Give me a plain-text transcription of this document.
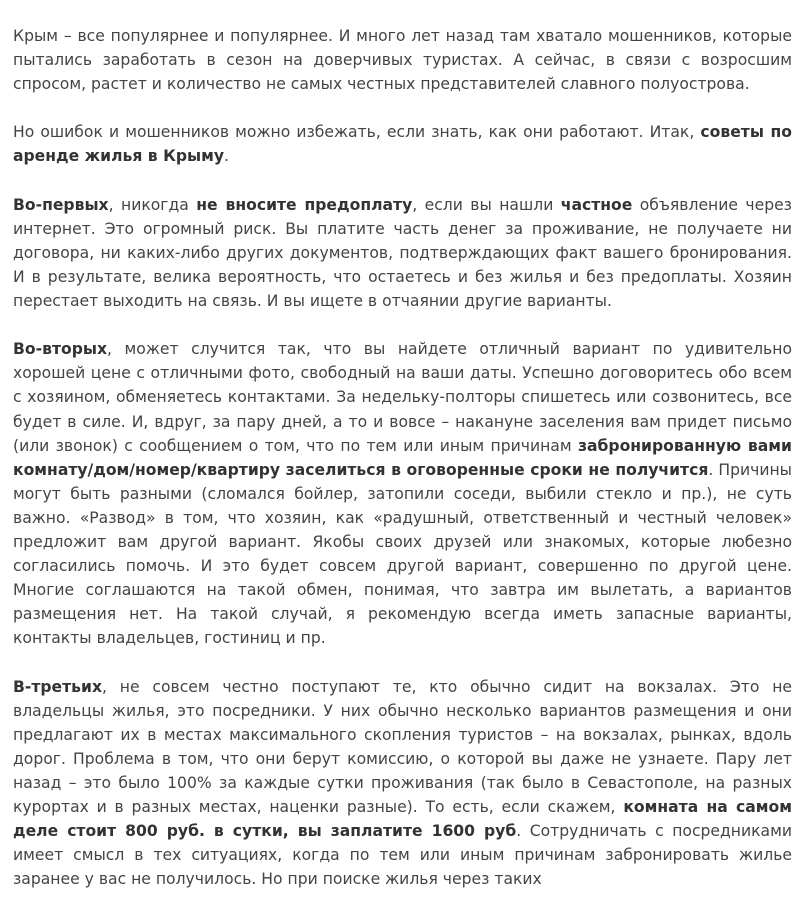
Крым – все популярнее и популярнее. И много лет назад там хватало мошенников, которые пытались заработать в сезон на доверчивых туристах. А сейчас, в связи с возросшим спросом, растет и количество не самых честных представителей славного полуострова.

Но ошибок и мошенников можно избежать, если знать, как они работают. Итак, советы по аренде жилья в Крыму.

Во-первых, никогда не вносите предоплату, если вы нашли частное объявление через интернет. Это огромный риск. Вы платите часть денег за проживание, не получаете ни договора, ни каких-либо других документов, подтверждающих факт вашего бронирования. И в результате, велика вероятность, что остаетесь и без жилья и без предоплаты. Хозяин перестает выходить на связь. И вы ищете в отчаянии другие варианты.

Во-вторых, может случится так, что вы найдете отличный вариант по удивительно хорошей цене с отличными фото, свободный на ваши даты. Успешно договоритесь обо всем с хозяином, обменяетесь контактами. За недельку-полторы спишетесь или созвонитесь, все будет в силе. И, вдруг, за пару дней, а то и вовсе – накануне заселения вам придет письмо (или звонок) с сообщением о том, что по тем или иным причинам забронированную вами комнату/дом/номер/квартиру заселиться в оговоренные сроки не получится. Причины могут быть разными (сломался бойлер, затопили соседи, выбили стекло и пр.), не суть важно. «Развод» в том, что хозяин, как «радушный, ответственный и честный человек» предложит вам другой вариант. Якобы своих друзей или знакомых, которые любезно согласились помочь. И это будет совсем другой вариант, совершенно по другой цене. Многие соглашаются на такой обмен, понимая, что завтра им вылетать, а вариантов размещения нет. На такой случай, я рекомендую всегда иметь запасные варианты, контакты владельцев, гостиниц и пр.

В-третьих, не совсем честно поступают те, кто обычно сидит на вокзалах. Это не владельцы жилья, это посредники. У них обычно несколько вариантов размещения и они предлагают их в местах максимального скопления туристов – на вокзалах, рынках, вдоль дорог. Проблема в том, что они берут комиссию, о которой вы даже не узнаете. Пару лет назад – это было 100% за каждые сутки проживания (так было в Севастополе, на разных курортах и в разных местах, наценки разные). То есть, если скажем, комната на самом деле стоит 800 руб. в сутки, вы заплатите 1600 руб. Сотрудничать с посредниками имеет смысл в тех ситуациях, когда по тем или иным причинам забронировать жилье заранее у вас не получилось. Но при поиске жилья через таких
